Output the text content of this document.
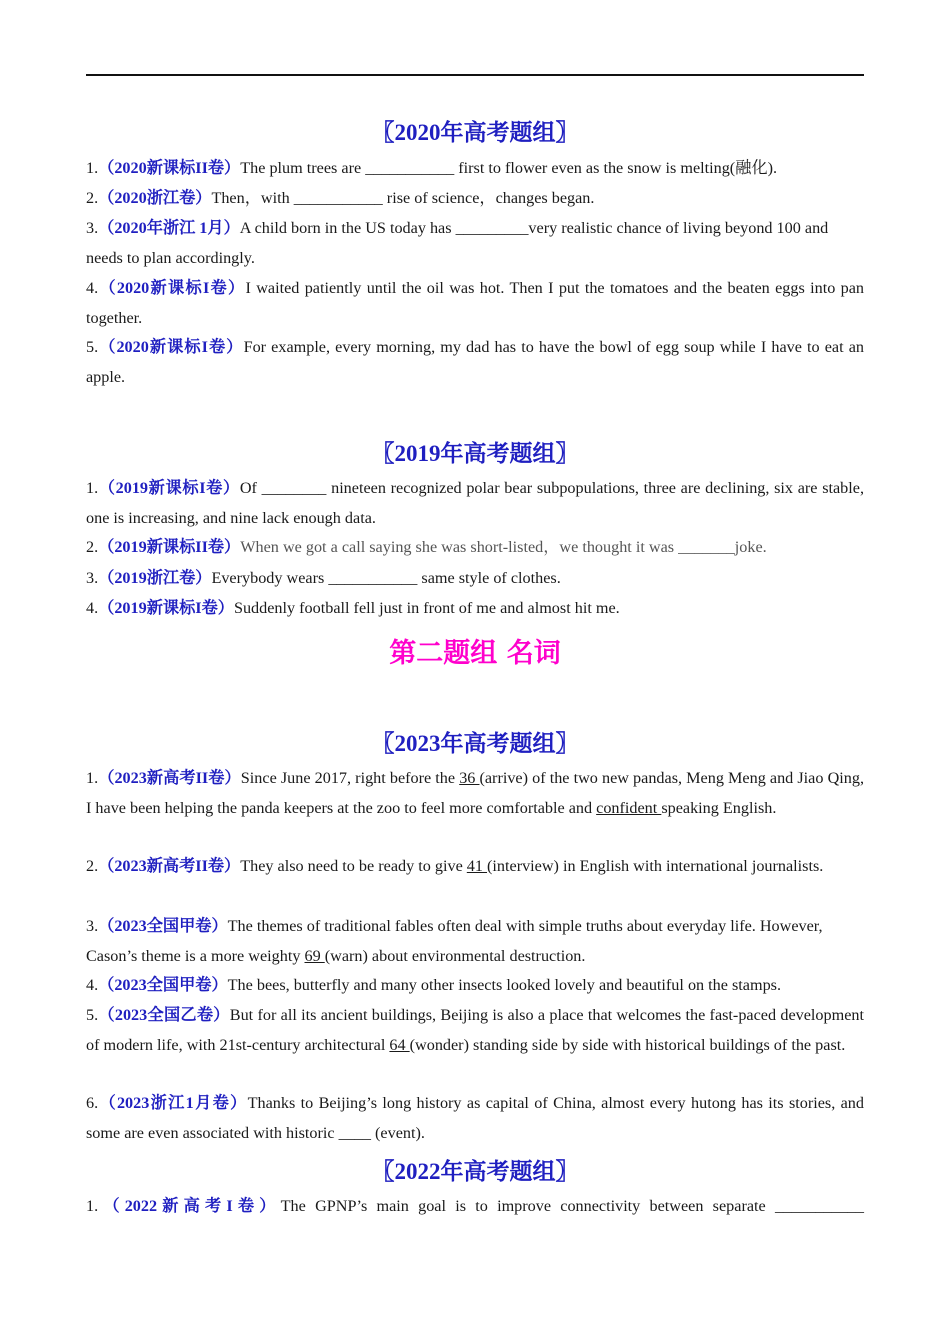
〖2020年高考题组〗
1.（2020新课标II卷）The plum trees are ___________ first to flower even as the snow is melting(融化).
2.（2020浙江卷）Then，with ___________ rise of science，changes began.
3.（2020年浙江 1月）A child born in the US today has _________very realistic chance of living beyond 100 and needs to plan accordingly.
4.（2020新课标I卷）I waited patiently until the oil was hot. Then I put the tomatoes and the beaten eggs into pan together.
5.（2020新课标I卷）For example, every morning, my dad has to have the bowl of egg soup while I have to eat an apple.
〖2019年高考题组〗
1.（2019新课标I卷）Of ________ nineteen recognized polar bear subpopulations, three are declining, six are stable, one is increasing, and nine lack enough data.
2.（2019新课标II卷）When we got a call saying she was short-listed，we thought it was _______joke.
3.（2019浙江卷）Everybody wears ___________ same style of clothes.
4.（2019新课标I卷）Suddenly football fell just in front of me and almost hit me.
第二题组 名词
〖2023年高考题组〗
1.（2023新高考II卷）Since June 2017, right before the 36 (arrive) of the two new pandas, Meng Meng and Jiao Qing, I have been helping the panda keepers at the zoo to feel more comfortable and confident speaking English.
2.（2023新高考II卷）They also need to be ready to give 41 (interview) in English with international journalists.
3.（2023全国甲卷）The themes of traditional fables often deal with simple truths about everyday life. However, Cason’s theme is a more weighty 69 (warn) about environmental destruction.
4.（2023全国甲卷）The bees, butterfly and many other insects looked lovely and beautiful on the stamps.
5.（2023全国乙卷）But for all its ancient buildings, Beijing is also a place that welcomes the fast-paced development of modern life, with 21st-century architectural 64 (wonder) standing side by side with historical buildings of the past.
6.（2023浙江1月卷）Thanks to Beijing’s long history as capital of China, almost every hutong has its stories, and some are even associated with historic ____ (event).
〖2022年高考题组〗
1.（2022新高考I卷）The GPNP’s main goal is to improve connectivity between separate ___________
